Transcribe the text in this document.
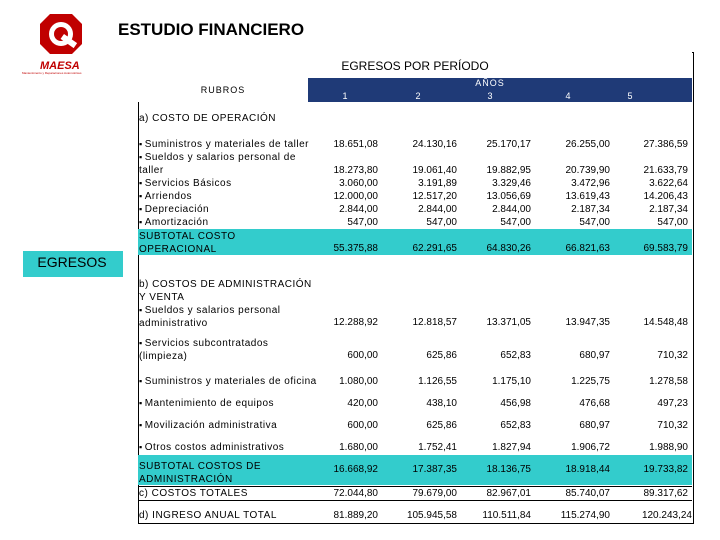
ESTUDIO FINANCIERO
MAESA
Mantenimiento y Reparaciones Automotrices	EGRESOS POR PERÍODO
RUBROS
AÑOS
1	2	3	4	5
EGRESOS
a) COSTO DE OPERACIÓN
▪ Suministros y materiales de taller 18.651,08	24.130,16	25.170,17	26.255,00	27.386,59
▪ Sueldos y salarios personal de
taller	18.273,80	19.061,40	19.882,95	20.739,90	21.633,79
▪ Servicios Básicos	3.060,00	3.191,89	3.329,46	3.472,96	3.622,64
▪ Arriendos	12.000,00	12.517,20	13.056,69	13.619,43	14.206,43
▪ Depreciación	2.844,00	2.844,00	2.844,00	2.187,34	2.187,34
▪ Amortización	547,00	547,00	547,00	547,00	547,00
SUBTOTAL COSTO
OPERACIONAL	55.375,88	62.291,65	64.830,26	66.821,63	69.583,79
b) COSTOS DE ADMINISTRACIÓN
Y VENTA
▪ Sueldos y salarios personal
administrativo	12.288,92	12.818,57	13.371,05	13.947,35	14.548,48
▪ Servicios subcontratados
(limpieza)	600,00	625,86	652,83	680,97	710,32
▪ Suministros y materiales de oficina 1.080,00	1.126,55	1.175,10	1.225,75	1.278,58
▪ Mantenimiento de equipos	420,00	438,10	456,98	476,68	497,23
▪ Movilización administrativa	600,00	625,86	652,83	680,97	710,32
▪ Otros costos administrativos	1.680,00	1.752,41	1.827,94	1.906,72	1.988,90
SUBTOTAL COSTOS DE
ADMINISTRACIÓN
16.668,92	17.387,35	18.136,75	18.918,44	19.733,82
c) COSTOS TOTALES	72.044,80	79.679,00	82.967,01	85.740,07	89.317,62
d) INGRESO ANUAL TOTAL	81.889,20	105.945,58	110.511,84	115.274,90	120.243,24
